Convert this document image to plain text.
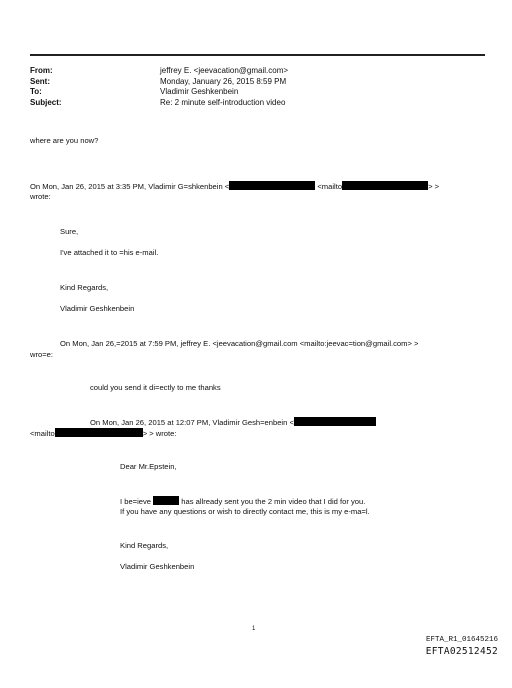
From:	jeffrey E. <jeevacation@gmail.com>
Sent:	Monday, January 26, 2015 8:59 PM
To:	Vladimir Geshkenbein
Subject:	Re: 2 minute self-introduction video
where are you now?
On Mon, Jan 26, 2015 at 3:35 PM, Vladimir G=shkenbein <	<mailto	> >
wrote:
Sure,
I've attached it to =his e-mail.
Kind Regards,
Vladimir Geshkenbein
On Mon, Jan 26,=2015 at 7:59 PM, jeffrey E. <jeevacation@gmail.com <mailto:jeevac=tion@gmail.com> >
wro=e:
could you send it di=ectly to me thanks
On Mon, Jan 26, 2015 at 12:07 PM, Vladimir Gesh=enbein <
<mailto	> > wrote:
Dear Mr.Epstein,
I be=ieve	has allready sent you the 2 min video that I did for you.
If you have any questions or wish to directly contact me, this is my e-ma=l.
Kind Regards,
Vladimir Geshkenbein
1
EFTA_R1_01645216
EFTA02512452
